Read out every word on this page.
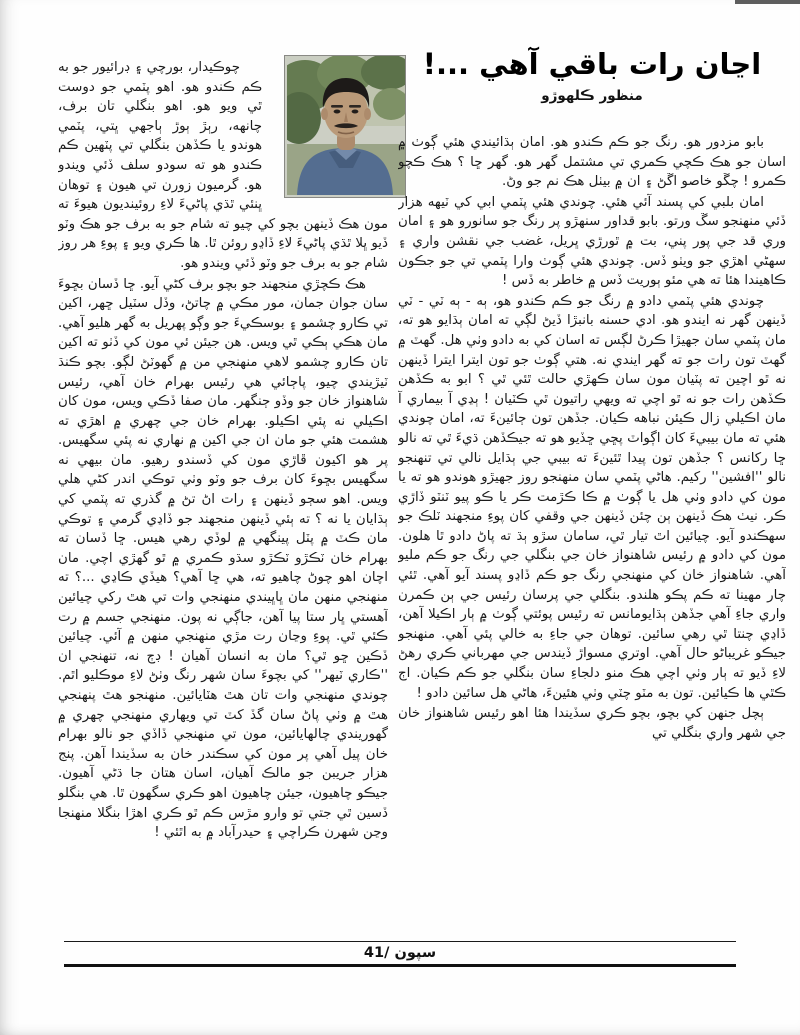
اڃان رات باقي آهي ...!
منظور ڪلهوڙو

بابو مزدور هو. رنگ جو ڪم ڪندو هو. امان ٻڌائيندي هئي ڳوٺ ۾ اسان جو هڪ ڪچي ڪمري تي مشتمل گهر هو. گهر ڇا ؟ هڪ ڪچو ڪمرو ! چڱو خاصو اڱڻ ۽ ان ۾ بيٺل هڪ نم جو وڻ.

امان بلبي کي پسند آئي هئي. چوندي هئي پٽمي ابي کي ٽيهه هزار ڏئي منهنجو سڱ ورتو. بابو قداور سنهڙو پر رنگ جو سانورو هو ۽ امان وري قد جي پور پني، بت ۾ ٿورڙي ڀريل، غضب جي نقشن واري ۽ سهڻي اهڙي جو ويٺو ڏس. چوندي هئي ڳوٺ وارا پٽمي تي جو جڪون ڪاهيندا هئا ته هي مئو ٻوريت ڏس ۾ خاطر به ڏس !

چوندي هئي پٽمي دادو ۾ رنگ جو ڪم ڪندو هو، ٻه - ٻه ٽي - ٽي ڏينهن گهر نه ايندو هو. ادي حسنه بانبڙا ڏيڻ لڳي ته امان ٻڌايو هو ته، مان پٽمي سان جهيڙا ڪرڻ لڳس ته اسان کي به دادو وٺي هل. گهٽ ۾ گهٽ تون رات جو ته گهر ايندي نه. هتي ڳوٺ جو تون ايترا ايترا ڏينهن نه ٿو اچين ته پٽيان مون سان ڪهڙي حالت ٿئي ٿي ؟ ابو به ڪڏهن ڪڏهن رات جو نه ٿو اچي ته ويهي راتيون ٿي ڪٽيان ! ٻڍي آ بيماري آ مان اڪيلي زال ڪيئن نباهه ڪيان. جڏهن تون ڄائينءَ ته، امان چوندي هئي ته مان بيبيءَ کان اڳواٽ پڇي ڇڏيو هو ته جيڪڏهن ڌيءَ ٿي ته نالو ڇا رکانس ؟ جڏهن تون پيدا ٿئينءَ ته بيبي جي ٻڌايل نالي تي تنهنجو نالو ''افشين'' رکيم. هاڻي پٽمي سان منهنجو روز جهيڙو هوندو هو ته يا مون کي دادو وٺي هل يا ڳوٺ ۾ ڪا ڪڙمت ڪر يا ڪو پيو ٽنٽو ڏاڙي ڪر. نيٺ هڪ ڏينهن ٻن چئن ڏينهن جي وقفي کان پوءِ منجهند ٽلڪ جو سهڪندو آيو. چيائين اٿ تيار ٿي، سامان سڙو ٻڌ ته پاڻ دادو ٿا هلون. مون کي دادو ۾ رئيس شاهنواز خان جي بنگلي جي رنگ جو ڪم مليو آهي. شاهنواز خان کي منهنجي رنگ جو ڪم ڏاڍو پسند آيو آهي. ٿئي چار مهينا ته ڪم پڪو هلندو. بنگلي جي پرسان رئيس جي ٻن ڪمرن واري جاءِ آهي جڏهن ٻڌايومانس ته رئيس پوئتي ڳوٺ ۾ ٻار اڪيلا آهن، ڏاڍي چنتا ٿي رهي سائين. توهان جي جاءِ به خالي پئي آهي. منهنجو جيڪو غريباڻو حال آهي. اوتري مسواڙ ڏيندس جي مهرباني ڪري رهڻ لاءِ ڏيو ته ٻار وٺي اچي هڪ منو دلجاءِ سان بنگلي جو ڪم ڪيان. اڄ ڪٿي ها ڪيائين. تون به مٽو چٽي وٺي هئينءَ، هاڻي هل سائين دادو !

ٻچل جنهن کي بچو، بچو ڪري سڏيندا هئا اهو رئيس شاهنواز خان جي شهر واري بنگلي تي

چوڪيدار، بورچي ۽ ڊرائيور جو به ڪم ڪندو هو. اهو پٽمي جو دوست ٿي ويو هو. اهو بنگلي تان برف، چانهه، رٻڙ ٻوڙ ٻاجهي ڀتي، پٽمي هوندو يا ڪڏهن بنگلي تي پٽهين ڪم ڪندو هو ته سودو سلف ڏئي ويندو هو. گرميون زورن تي هيون ۽ توهان ڀنئي ٿڌي پاڻيءَ لاءِ روئينديون هيوءَ ته مون هڪ ڏينهن بچو کي چيو ته شام جو به برف جو هڪ وٽو ڏيو ڀلا ٿڌي پاڻيءَ لاءِ ڏاڍو روئن ٿا. ها ڪري ويو ۽ پوءِ هر روز شام جو به برف جو وٽو ڏئي ويندو هو.

هڪ ڪچڙي منجهند جو بچو برف کڻي آيو. ڇا ڏسان بڇوءَ سان جوان جمان، مور مڪي ۾ چاتڻ، وڏل سٽيل ڇهر، اکين تي ڪارو چشمو ۽ بوسڪيءَ جو وڳو پهريل به گهر هليو آهي. مان هڪي ٻڪي ٿي ويس. هن جيئن ئي مون کي ڏٺو ته اکين تان ڪارو چشمو لاهي منهنجي من ۾ گهوٽڻ لڳو. بچو ڪنڌ ٽيڙيندي چيو، پاڄائي هي رئيس بهرام خان آهي، رئيس شاهنواز خان جو وڏو ڄنگهر. مان صفا ڏڪي ويس، مون کان اڪيلي نه پئي اڪيلو. بهرام خان جي چهري ۾ اهڙي ته هشمت هئي جو مان ان جي اکين ۾ نهاري نه پئي سگهيس. پر هو اکيون ڦاڙي مون کي ڏسندو رهيو. مان بيهي نه سگهيس بڇوءَ کان برف جو وٽو وٺي توڪي اندر کڻي هلي ويس. اهو سڄو ڏينهن ۽ رات اڻ تڻ ۾ گذري ته پٽمي کي ٻڌايان يا نه ؟ ته ٻئي ڏينهن منجهند جو ڏاڍي گرمي ۽ توڪي مان ڪٽ ۾ پٽل پينگهي ۾ لوڏي رهي هيس. ڇا ڏسان ته بهرام خان ٽڪڙو ٽڪڙو سڌو ڪمري ۾ ٿو گهڙي اچي. مان اچان اهو چوڻ چاهيو ته، هي ڇا آهي؟ هيڏي ڪاڍي ...؟ ته منهنجي منهن مان ڀاڀيندي منهنجي وات تي هٿ رکي چيائين آهستي ڀار ستا پيا آهن، جاڳي نه پون. منهنجي جسم ۾ رت ڪئي ٿي. پوءِ وڃان رت مڙي منهنجي منهن ۾ آئي. چيائين ڏڪين ڇو ٿي؟ مان به انسان آهيان ! ڊڄ نه، تنهنجي ان ''ڪاري ٽيهر'' کي بچوءَ سان شهر رنگ وٺڻ لاءِ موڪليو اٿم. چوندي منهنجي وات تان هٿ هٽايائين. منهنجو هٿ پنهنجي هٿ ۾ وٺي پاڻ سان گڏ کٽ تي ويهاري منهنجي چهري ۾ گهوريندي چالهايائين، مون تي منهنجي ڏاڏي جو نالو بهرام خان پيل آهي پر مون کي سڪندر خان به سڏيندا آهن. پنج هزار جريبن جو مالڪ آهيان، اسان هتان جا ڌڻي آهيون. جيڪو چاهيون، جيئن چاهيون اهو ڪري سگهون ٿا. هي بنگلو ڏسين ٿي جتي تو وارو مڙس ڪم ٿو ڪري اهڙا بنگلا منهنجا وڃن شهرن ڪراچي ۽ حيدرآباد ۾ به اٿئي !

سپون /41
